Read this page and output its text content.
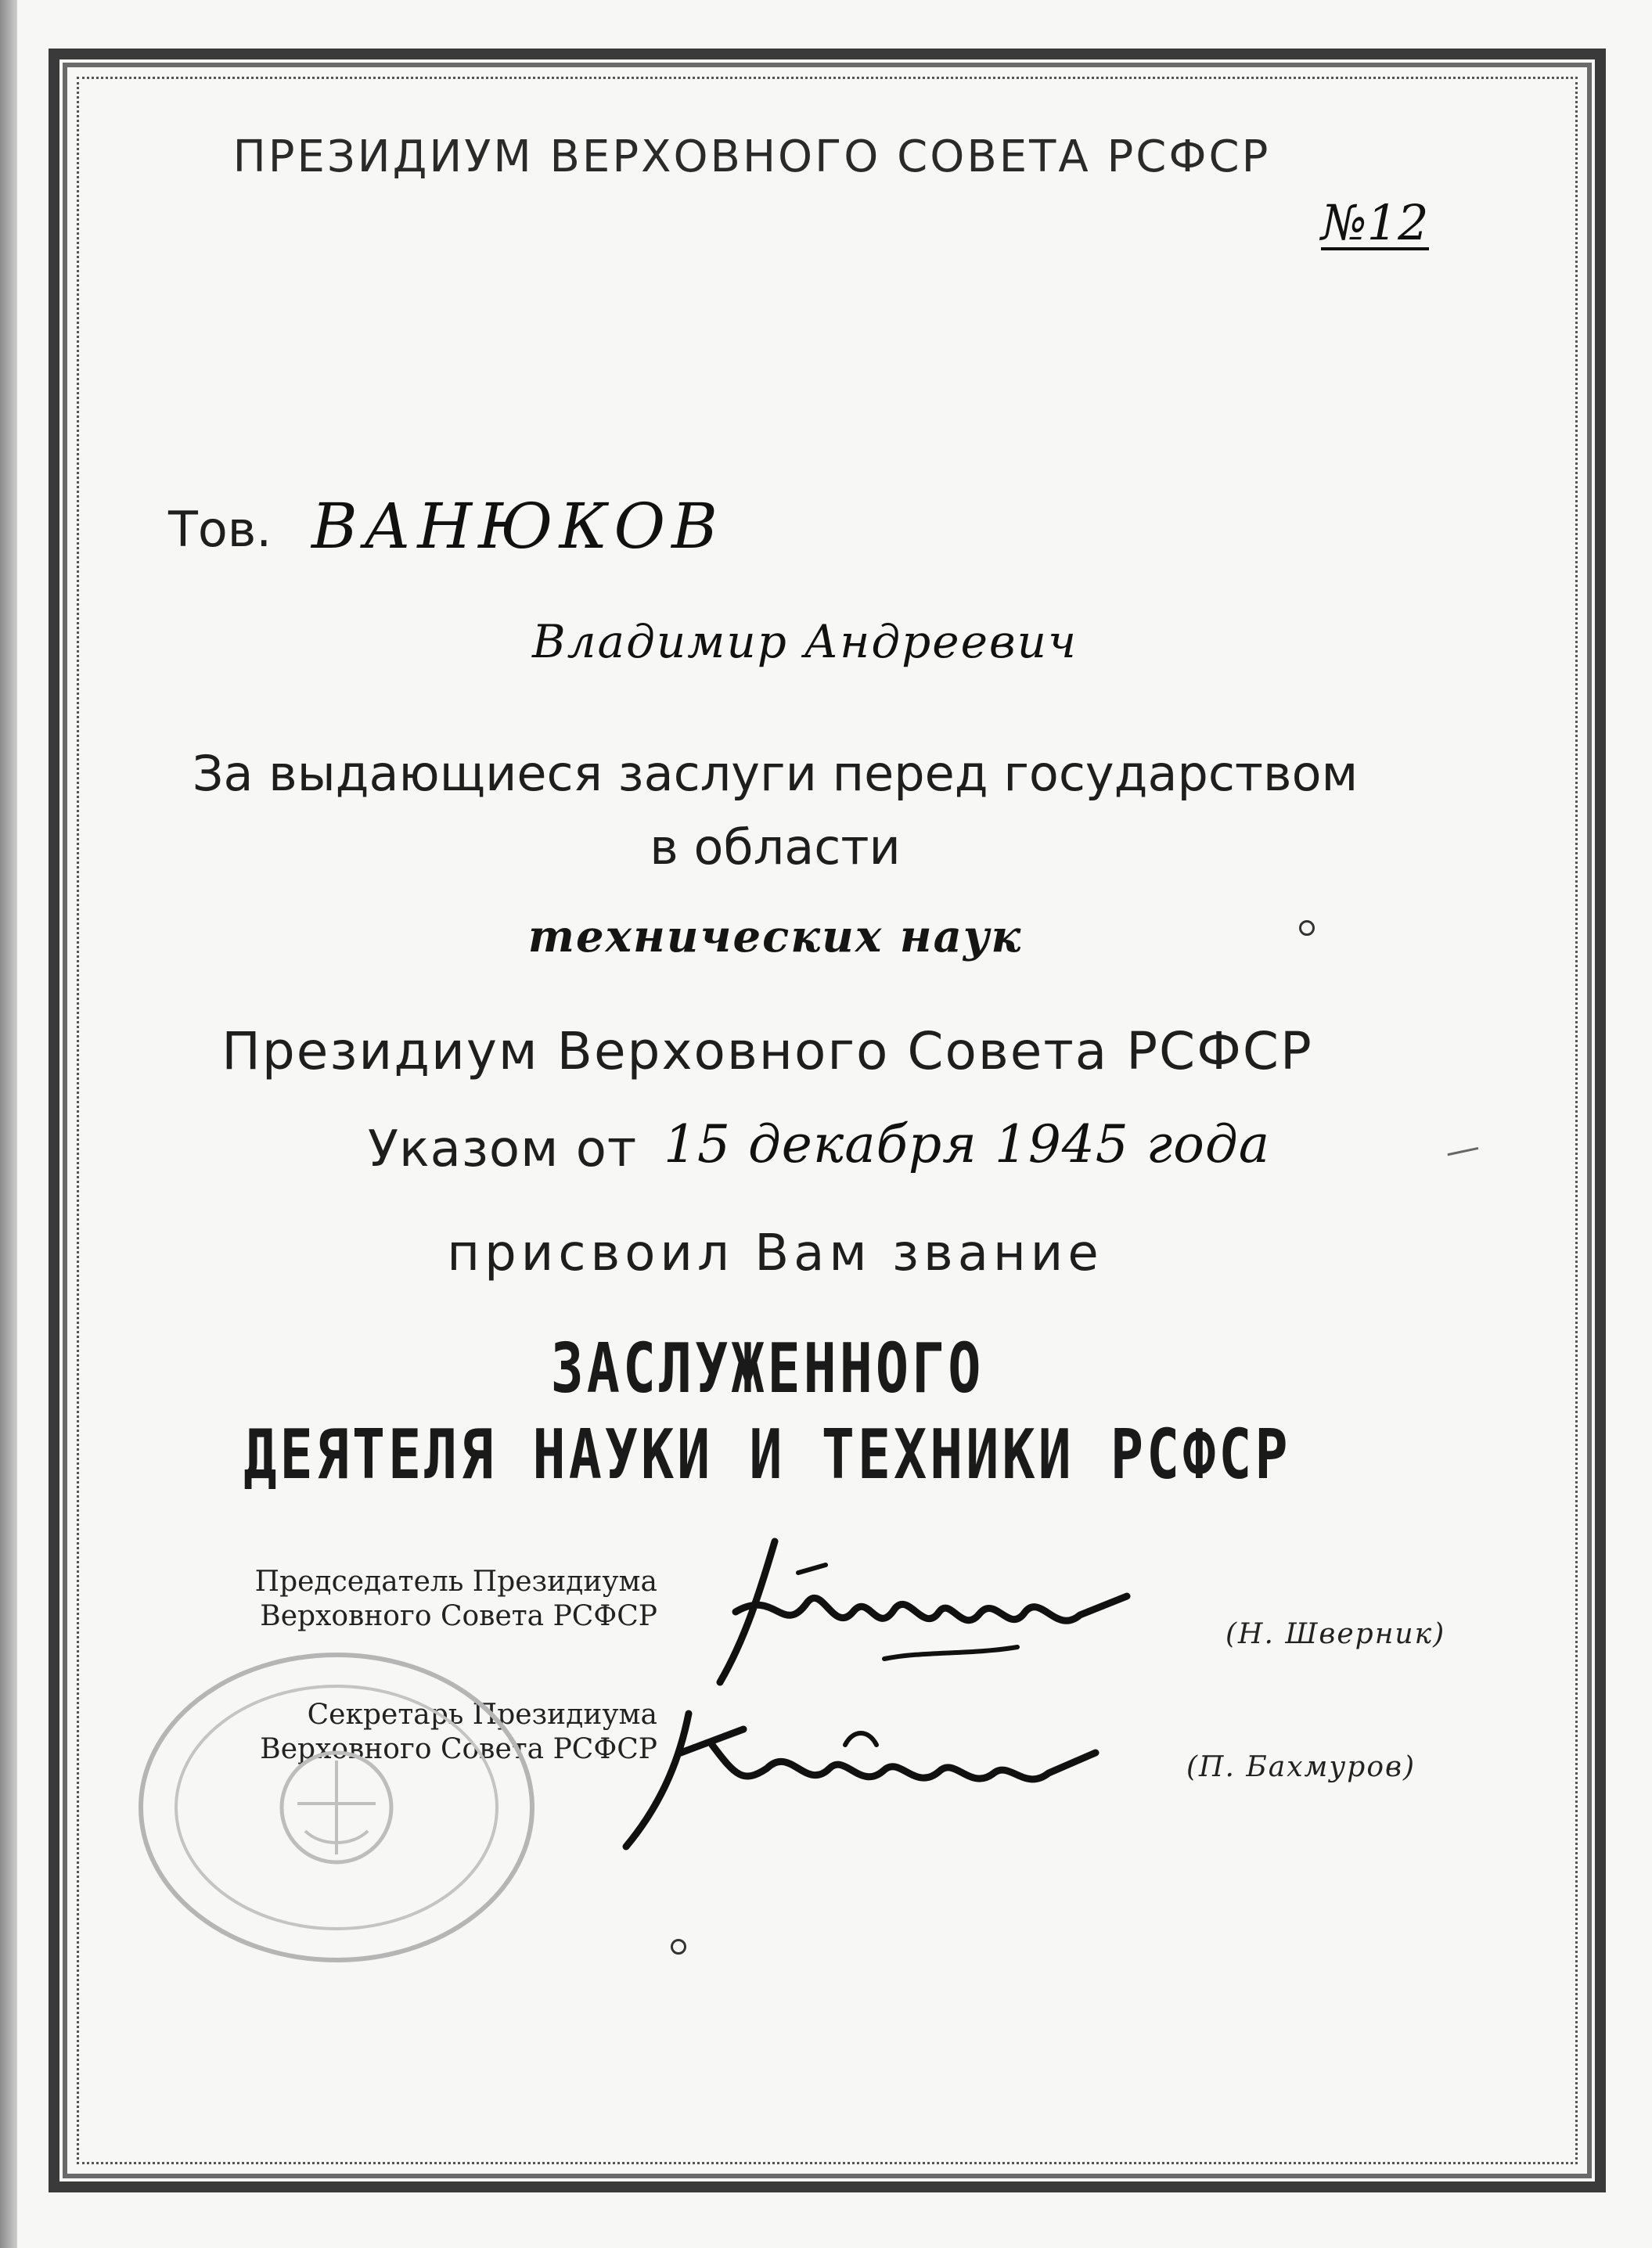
ПРЕЗИДИУМ ВЕРХОВНОГО СОВЕТА РСФСР
№12
Тов. ВАНЮКОВ
Владимир Андреевич
За выдающиеся заслуги перед государством
в области
технических наук
Президиум Верховного Совета РСФСР
Указом от 15 декабря 1945 года
присвоил Вам звание
ЗАСЛУЖЕННОГО
ДЕЯТЕЛЯ НАУКИ И ТЕХНИКИ РСФСР
Председатель Президиума
Верховного Совета РСФСР
(Н. Шверник)
Секретарь Президиума
Верховного Совета РСФСР
(П. Бахмуров)
